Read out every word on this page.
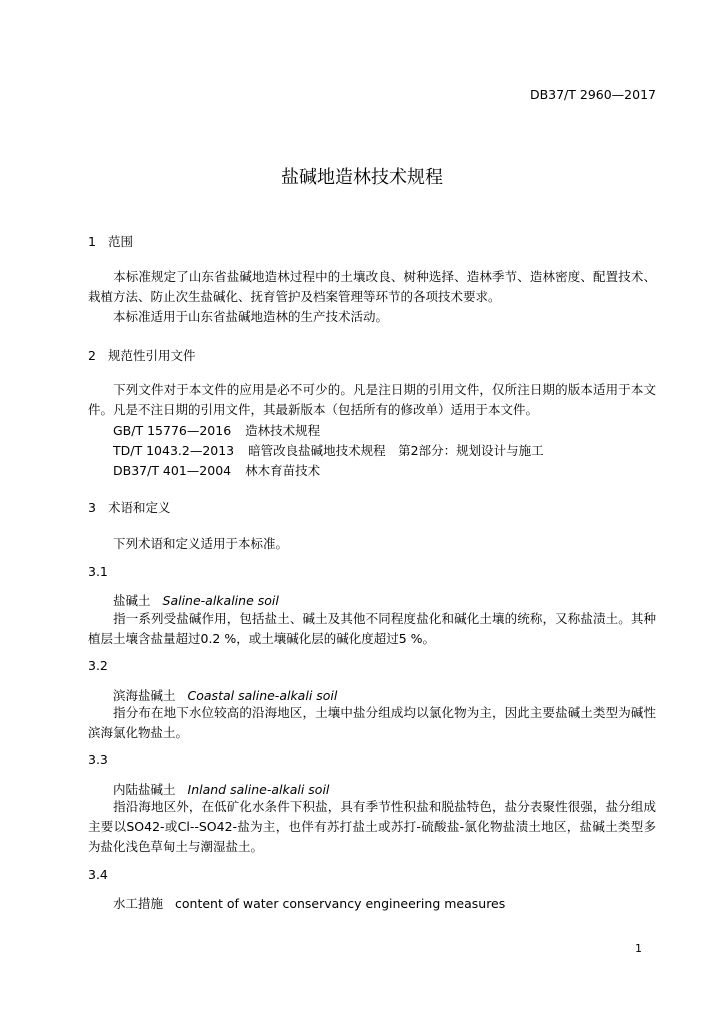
DB37/T 2960—2017
盐碱地造林技术规程
1 范围
本标准规定了山东省盐碱地造林过程中的土壤改良、树种选择、造林季节、造林密度、配置技术、栽植方法、防止次生盐碱化、抚育管护及档案管理等环节的各项技术要求。
本标准适用于山东省盐碱地造林的生产技术活动。
2 规范性引用文件
下列文件对于本文件的应用是必不可少的。凡是注日期的引用文件，仅所注日期的版本适用于本文件。凡是不注日期的引用文件，其最新版本（包括所有的修改单）适用于本文件。
GB/T 15776—2016 造林技术规程
TD/T 1043.2—2013 暗管改良盐碱地技术规程　第2部分：规划设计与施工
DB37/T 401—2004 林木育苗技术
3 术语和定义
下列术语和定义适用于本标准。
3.1
盐碱土 Saline-alkaline soil
指一系列受盐碱作用，包括盐土、碱土及其他不同程度盐化和碱化土壤的统称，又称盐渍土。其种植层土壤含盐量超过0.2 %，或土壤碱化层的碱化度超过5 %。
3.2
滨海盐碱土 Coastal saline-alkali soil
指分布在地下水位较高的沿海地区，土壤中盐分组成均以氯化物为主，因此主要盐碱土类型为碱性滨海氯化物盐土。
3.3
内陆盐碱土 Inland saline-alkali soil
指沿海地区外，在低矿化水条件下积盐，具有季节性积盐和脱盐特色，盐分表聚性很强，盐分组成主要以SO42-或Cl--SO42-盐为主，也伴有苏打盐土或苏打-硫酸盐-氯化物盐渍土地区，盐碱土类型多为盐化浅色草甸土与潮湿盐土。
3.4
水工措施 content of water conservancy engineering measures
1
